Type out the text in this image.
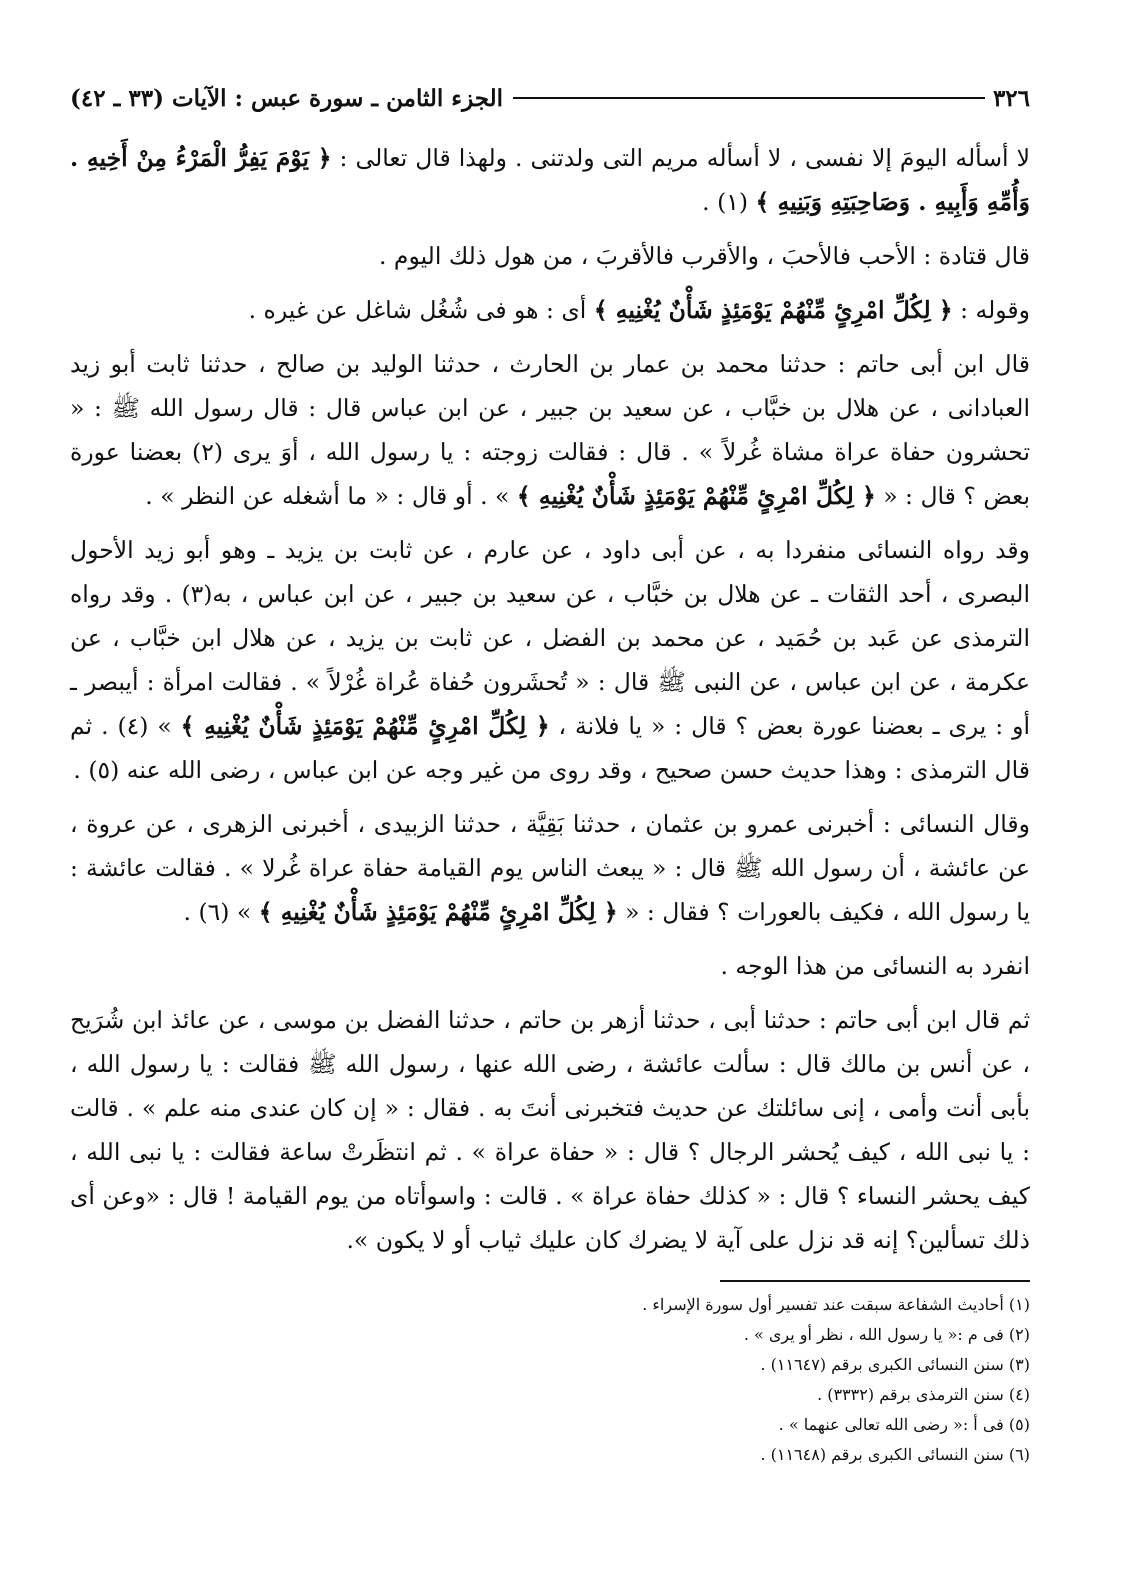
٣٢٦
الجزء الثامن ـ سورة عبس : الآيات (٣٣ ـ ٤٢)

لا أسأله اليومَ إلا نفسى ، لا أسأله مريم التى ولدتنى . ولهذا قال تعالى : ﴿ يَوْمَ يَفِرُّ الْمَرْءُ مِنْ أَخِيهِ . وَأُمِّهِ وَأَبِيهِ . وَصَاحِبَتِهِ وَبَنِيهِ ﴾ (١) .

قال قتادة : الأحب فالأحبَ ، والأقرب فالأقربَ ، من هول ذلك اليوم .

وقوله : ﴿ لِكُلِّ امْرِئٍ مِّنْهُمْ يَوْمَئِذٍ شَأْنٌ يُغْنِيهِ ﴾ أى : هو فى شُغُل شاغل عن غيره .

قال ابن أبى حاتم : حدثنا محمد بن عمار بن الحارث ، حدثنا الوليد بن صالح ، حدثنا ثابت أبو زيد العبادانى ، عن هلال بن خبَّاب ، عن سعيد بن جبير ، عن ابن عباس قال : قال رسول الله ﷺ : « تحشرون حفاة عراة مشاة غُرلاً » . قال : فقالت زوجته : يا رسول الله ، أوَ يرى (٢) بعضنا عورة بعض ؟ قال : « ﴿ لِكُلِّ امْرِئٍ مِّنْهُمْ يَوْمَئِذٍ شَأْنٌ يُغْنِيهِ ﴾ » . أو قال : « ما أشغله عن النظر » .

وقد رواه النسائى منفردا به ، عن أبى داود ، عن عارم ، عن ثابت بن يزيد ـ وهو أبو زيد الأحول البصرى ، أحد الثقات ـ عن هلال بن خبَّاب ، عن سعيد بن جبير ، عن ابن عباس ، به(٣) . وقد رواه الترمذى عن عَبد بن حُمَيد ، عن محمد بن الفضل ، عن ثابت بن يزيد ، عن هلال ابن خبَّاب ، عن عكرمة ، عن ابن عباس ، عن النبى ﷺ قال : « تُحشَرون حُفاة عُراة غُرْلاً » . فقالت امرأة : أيبصر ـ أو : يرى ـ بعضنا عورة بعض ؟ قال : « يا فلانة ، ﴿ لِكُلِّ امْرِئٍ مِّنْهُمْ يَوْمَئِذٍ شَأْنٌ يُغْنِيهِ ﴾ » (٤) . ثم قال الترمذى : وهذا حديث حسن صحيح ، وقد روى من غير وجه عن ابن عباس ، رضى الله عنه (٥) .

وقال النسائى : أخبرنى عمرو بن عثمان ، حدثنا بَقِيَّة ، حدثنا الزبيدى ، أخبرنى الزهرى ، عن عروة ، عن عائشة ، أن رسول الله ﷺ قال : « يبعث الناس يوم القيامة حفاة عراة غُرلا » . فقالت عائشة : يا رسول الله ، فكيف بالعورات ؟ فقال : « ﴿ لِكُلِّ امْرِئٍ مِّنْهُمْ يَوْمَئِذٍ شَأْنٌ يُغْنِيهِ ﴾ » (٦) .

انفرد به النسائى من هذا الوجه .

ثم قال ابن أبى حاتم : حدثنا أبى ، حدثنا أزهر بن حاتم ، حدثنا الفضل بن موسى ، عن عائذ ابن شُرَيح ، عن أنس بن مالك قال : سألت عائشة ، رضى الله عنها ، رسول الله ﷺ فقالت : يا رسول الله ، بأبى أنت وأمى ، إنى سائلتك عن حديث فتخبرنى أنتَ به . فقال : « إن كان عندى منه علم » . قالت : يا نبى الله ، كيف يُحشر الرجال ؟ قال : « حفاة عراة » . ثم انتظَرتْ ساعة فقالت : يا نبى الله ، كيف يحشر النساء ؟ قال : « كذلك حفاة عراة » . قالت : واسوأتاه من يوم القيامة ! قال : «وعن أى ذلك تسألين؟ إنه قد نزل على آية لا يضرك كان عليك ثياب أو لا يكون ».

(١) أحاديث الشفاعة سبقت عند تفسير أول سورة الإسراء .

(٢) فى م :« يا رسول الله ، نظر أو يرى » .

(٣) سنن النسائى الكبرى برقم (١١٦٤٧) .

(٤) سنن الترمذى برقم (٣٣٣٢) .

(٥) فى أ :« رضى الله تعالى عنهما » .

(٦) سنن النسائى الكبرى برقم (١١٦٤٨) .
